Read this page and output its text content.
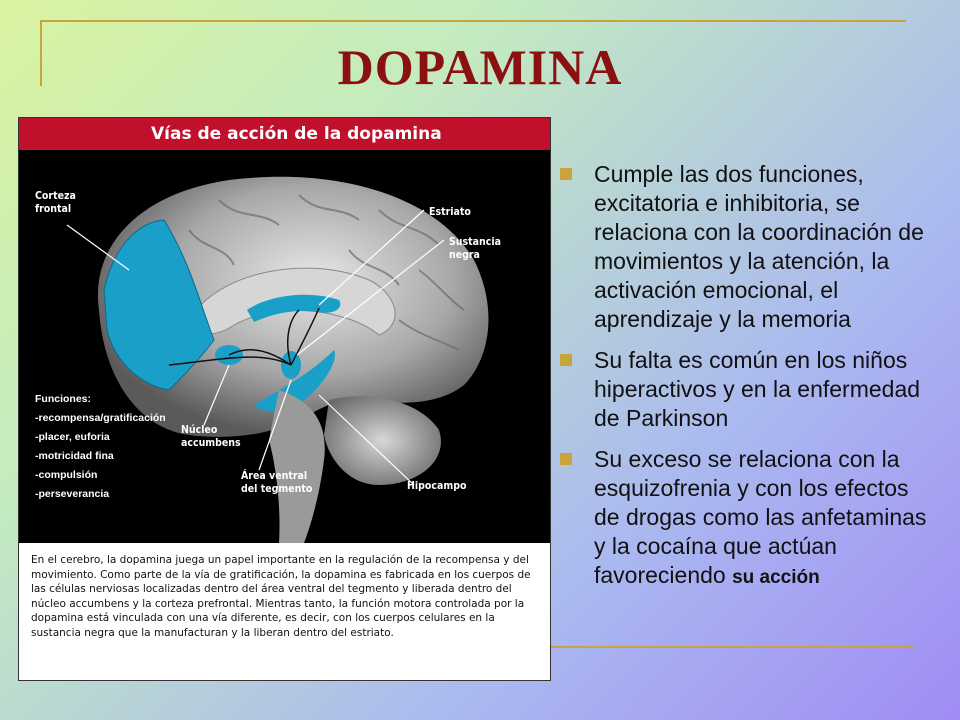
DOPAMINA
Vías de acción de la dopamina
Corteza
frontal	Estriato
Sustancia
negra
Núcleo
accumbens
Área ventral
del tegmento	Hipocampo
Funciones:
-recompensa/gratificación
-placer, euforia
-motricidad fina
-compulsión
-perseverancia
En el cerebro, la dopamina juega un papel importante en la regulación de la recompensa y del movimiento. Como parte de la vía de gratificación, la dopamina es fabricada en los cuerpos de las células nerviosas localizadas dentro del área ventral del tegmento y liberada dentro del núcleo accumbens y la corteza prefrontal. Mientras tanto, la función motora controlada por la dopamina está vinculada con una vía diferente, es decir, con los cuerpos celulares en la sustancia negra que la manufacturan y la liberan dentro del estriato.
Cumple las dos funciones, excitatoria e inhibitoria, se relaciona con la coordinación de movimientos y la atención, la activación emocional, el aprendizaje y la memoria
Su falta es común en los niños hiperactivos y en la enfermedad de Parkinson
Su exceso se relaciona con la esquizofrenia y con los efectos de drogas como las anfetaminas y la cocaína que actúan favoreciendo su acción
